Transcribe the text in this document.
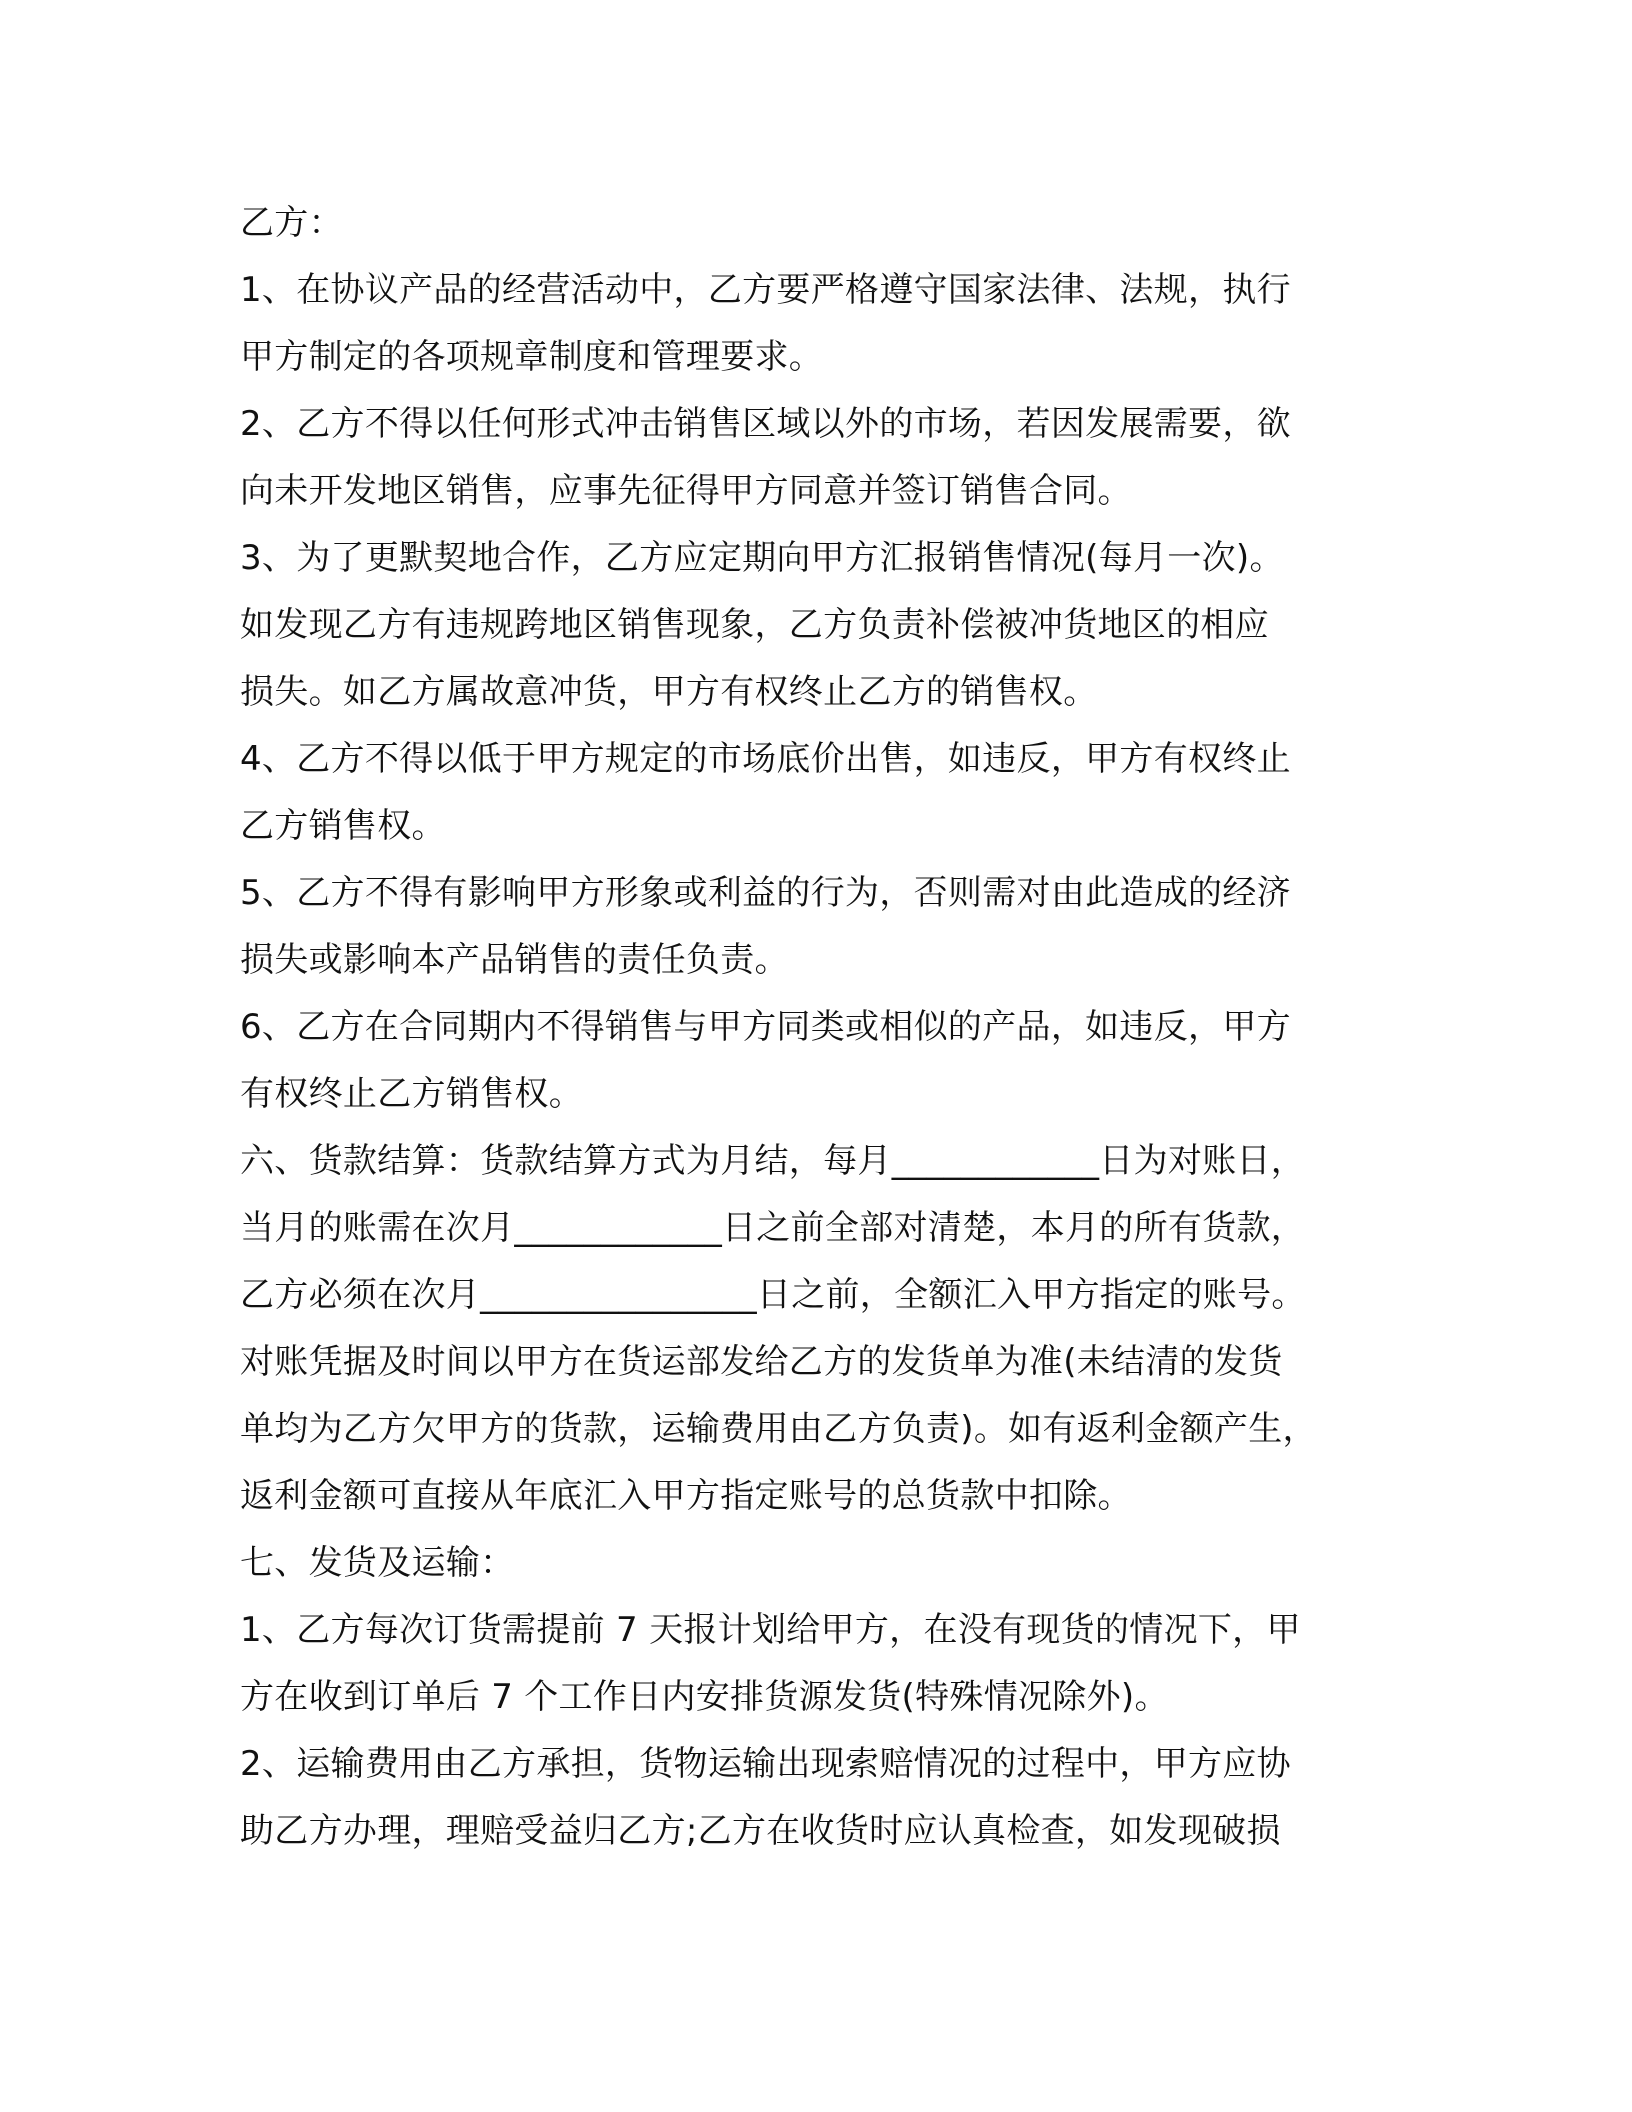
乙方：
1、在协议产品的经营活动中，乙方要严格遵守国家法律、法规，执行
甲方制定的各项规章制度和管理要求。
2、乙方不得以任何形式冲击销售区域以外的市场，若因发展需要，欲
向未开发地区销售，应事先征得甲方同意并签订销售合同。
3、为了更默契地合作，乙方应定期向甲方汇报销售情况(每月一次)。
如发现乙方有违规跨地区销售现象，乙方负责补偿被冲货地区的相应
损失。如乙方属故意冲货，甲方有权终止乙方的销售权。
4、乙方不得以低于甲方规定的市场底价出售，如违反，甲方有权终止
乙方销售权。
5、乙方不得有影响甲方形象或利益的行为，否则需对由此造成的经济
损失或影响本产品销售的责任负责。
6、乙方在合同期内不得销售与甲方同类或相似的产品，如违反，甲方
有权终止乙方销售权。
六、货款结算：货款结算方式为月结，每月____________日为对账日，
当月的账需在次月____________日之前全部对清楚，本月的所有货款，
乙方必须在次月________________日之前，全额汇入甲方指定的账号。
对账凭据及时间以甲方在货运部发给乙方的发货单为准(未结清的发货
单均为乙方欠甲方的货款，运输费用由乙方负责)。如有返利金额产生，
返利金额可直接从年底汇入甲方指定账号的总货款中扣除。
七、发货及运输：
1、乙方每次订货需提前 7 天报计划给甲方，在没有现货的情况下，甲
方在收到订单后 7 个工作日内安排货源发货(特殊情况除外)。
2、运输费用由乙方承担，货物运输出现索赔情况的过程中，甲方应协
助乙方办理，理赔受益归乙方;乙方在收货时应认真检查，如发现破损
